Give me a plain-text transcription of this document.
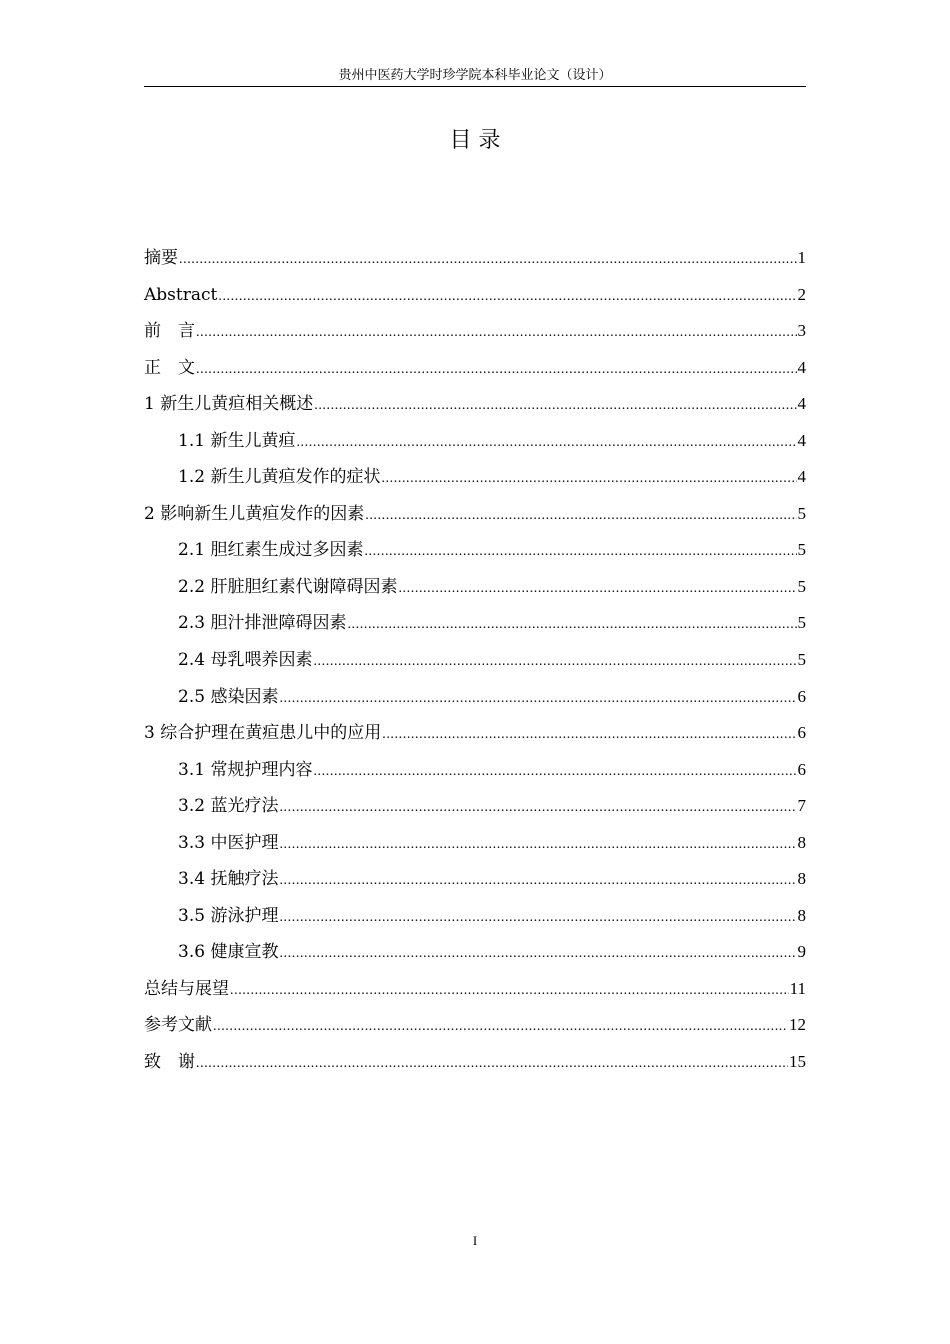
贵州中医药大学时珍学院本科毕业论文（设计）
目 录
摘要 .....	1
Abstract .....	2
前　言 .....	3
正　文 .....	4
1 新生儿黄疸相关概述 .....	4
1.1 新生儿黄疸 .....	4
1.2 新生儿黄疸发作的症状 .....	4
2 影响新生儿黄疸发作的因素 .....	5
2.1 胆红素生成过多因素 .....	5
2.2 肝脏胆红素代谢障碍因素 .....	5
2.3 胆汁排泄障碍因素 .....	5
2.4 母乳喂养因素 .....	5
2.5 感染因素 .....	6
3 综合护理在黄疸患儿中的应用 .....	6
3.1 常规护理内容 .....	6
3.2 蓝光疗法 .....	7
3.3 中医护理 .....	8
3.4 抚触疗法 .....	8
3.5 游泳护理 .....	8
3.6 健康宣教 .....	9
总结与展望 .....	11
参考文献 .....	12
致　谢 .....	15
I
